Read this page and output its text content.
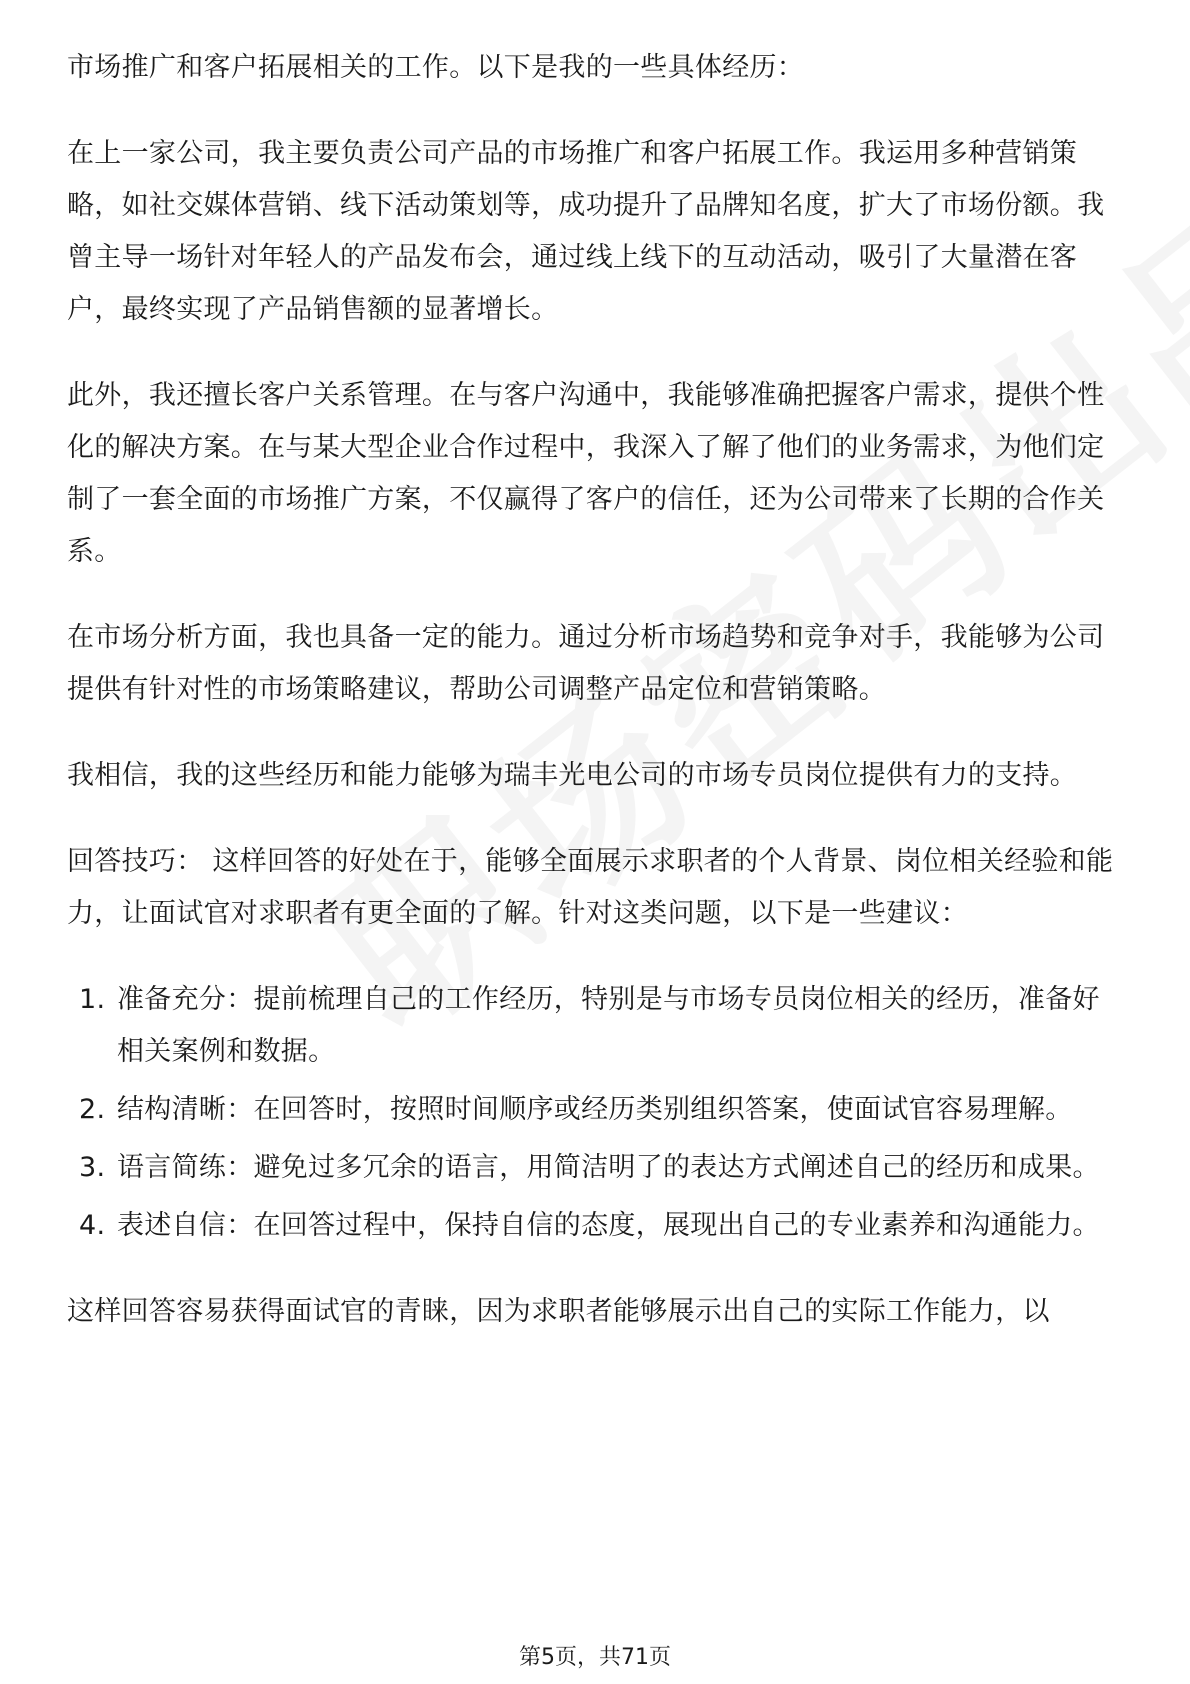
市场推广和客户拓展相关的工作。以下是我的一些具体经历：

在上一家公司，我主要负责公司产品的市场推广和客户拓展工作。我运用多种营销策略，如社交媒体营销、线下活动策划等，成功提升了品牌知名度，扩大了市场份额。我曾主导一场针对年轻人的产品发布会，通过线上线下的互动活动，吸引了大量潜在客户，最终实现了产品销售额的显著增长。

此外，我还擅长客户关系管理。在与客户沟通中，我能够准确把握客户需求，提供个性化的解决方案。在与某大型企业合作过程中，我深入了解了他们的业务需求，为他们定制了一套全面的市场推广方案，不仅赢得了客户的信任，还为公司带来了长期的合作关系。

在市场分析方面，我也具备一定的能力。通过分析市场趋势和竞争对手，我能够为公司提供有针对性的市场策略建议，帮助公司调整产品定位和营销策略。

我相信，我的这些经历和能力能够为瑞丰光电公司的市场专员岗位提供有力的支持。

回答技巧： 这样回答的好处在于，能够全面展示求职者的个人背景、岗位相关经验和能力，让面试官对求职者有更全面的了解。针对这类问题，以下是一些建议：

1. 准备充分：提前梳理自己的工作经历，特别是与市场专员岗位相关的经历，准备好相关案例和数据。
2. 结构清晰：在回答时，按照时间顺序或经历类别组织答案，使面试官容易理解。
3. 语言简练：避免过多冗余的语言，用简洁明了的表达方式阐述自己的经历和成果。
4. 表述自信：在回答过程中，保持自信的态度，展现出自己的专业素养和沟通能力。

这样回答容易获得面试官的青睐，因为求职者能够展示出自己的实际工作能力，以

第5页，共71页
